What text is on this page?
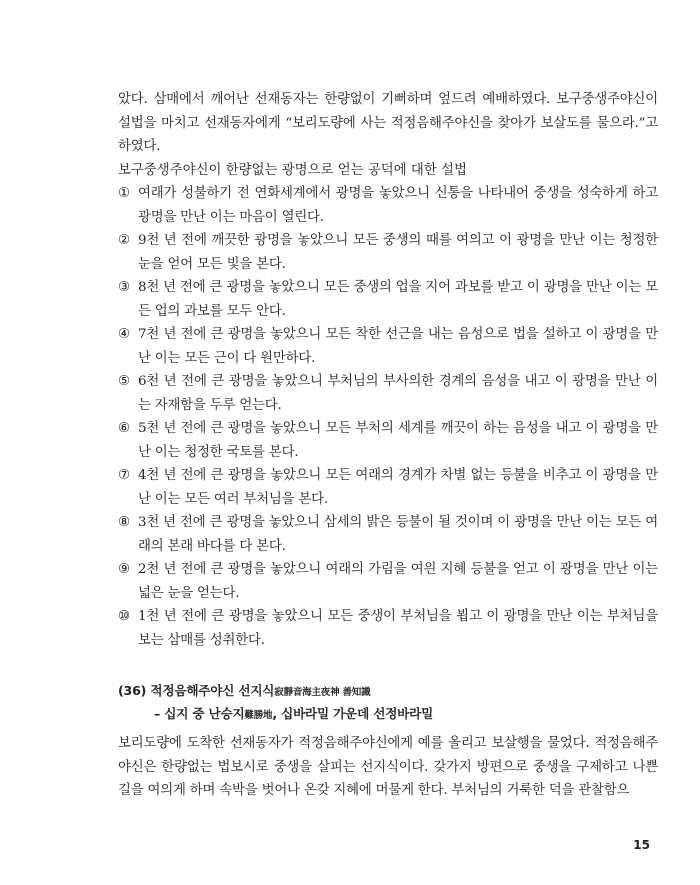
았다. 삼매에서 깨어난 선재동자는 한량없이 기뻐하며 엎드려 예배하였다. 보구중생주야신이 설법을 마치고 선재동자에게 “보리도량에 사는 적정음해주야신을 찾아가 보살도를 물으라.”고 하였다.

보구중생주야신이 한량없는 광명으로 얻는 공덕에 대한 설법

① 여래가 성불하기 전 연화세계에서 광명을 놓았으니 신통을 나타내어 중생을 성숙하게 하고 광명을 만난 이는 마음이 열린다.
② 9천 년 전에 깨끗한 광명을 놓았으니 모든 중생의 때를 여의고 이 광명을 만난 이는 청정한 눈을 얻어 모든 빛을 본다.
③ 8천 년 전에 큰 광명을 놓았으니 모든 중생의 업을 지어 과보를 받고 이 광명을 만난 이는 모든 업의 과보를 모두 안다.
④ 7천 년 전에 큰 광명을 놓았으니 모든 착한 선근을 내는 음성으로 법을 설하고 이 광명을 만난 이는 모든 근이 다 원만하다.
⑤ 6천 년 전에 큰 광명을 놓았으니 부처님의 부사의한 경계의 음성을 내고 이 광명을 만난 이는 자재함을 두루 얻는다.
⑥ 5천 년 전에 큰 광명을 놓았으니 모든 부처의 세계를 깨끗이 하는 음성을 내고 이 광명을 만난 이는 청정한 국토를 본다.
⑦ 4천 년 전에 큰 광명을 놓았으니 모든 여래의 경계가 차별 없는 등불을 비추고 이 광명을 만난 이는 모든 여러 부처님을 본다.
⑧ 3천 년 전에 큰 광명을 놓았으니 삼세의 밝은 등불이 될 것이며 이 광명을 만난 이는 모든 여래의 본래 바다를 다 본다.
⑨ 2천 년 전에 큰 광명을 놓았으니 여래의 가림을 여읜 지혜 등불을 얻고 이 광명을 만난 이는 넓은 눈을 얻는다.
⑩ 1천 년 전에 큰 광명을 놓았으니 모든 중생이 부처님을 뵙고 이 광명을 만난 이는 부처님을 보는 삼매를 성취한다.

(36) 적정음해주야신 선지식寂靜音海主夜神 善知識

– 십지 중 난승지難勝地, 십바라밀 가운데 선정바라밀

보리도량에 도착한 선재동자가 적정음해주야신에게 예를 올리고 보살행을 물었다. 적정음해주야신은 한량없는 법보시로 중생을 살피는 선지식이다. 갖가지 방편으로 중생을 구제하고 나쁜 길을 여의게 하며 속박을 벗어나 온갖 지혜에 머물게 한다. 부처님의 거룩한 덕을 관찰함으

15
